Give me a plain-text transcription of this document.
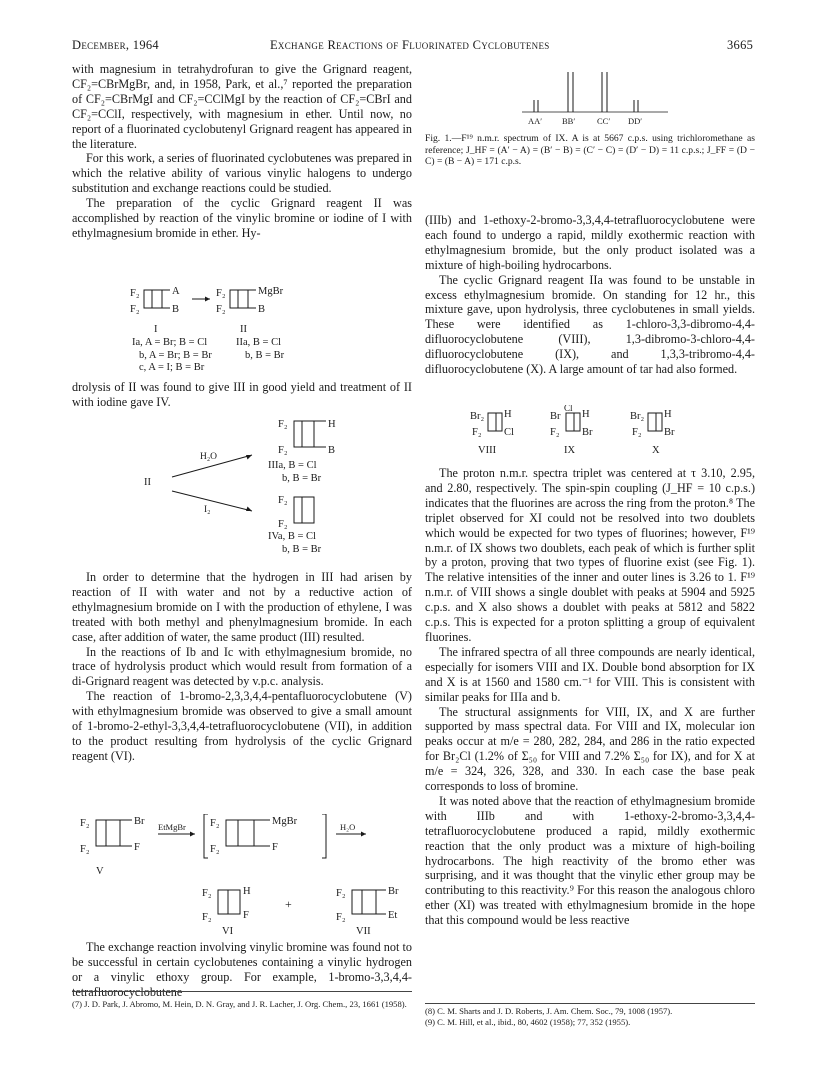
December, 1964	Exchange Reactions of Fluorinated Cyclobutenes	3665

with magnesium in tetrahydrofuran to give the Grignard reagent, CF₂=CBrMgBr, and, in 1958, Park, et al.,⁷ reported the preparation of CF₂=CBrMgI and CF₂=CClMgI by the reaction of CF₂=CBrI and CF₂=CClI, respectively, with magnesium in ether. Until now, no report of a fluorinated cyclobutenyl Grignard reagent has appeared in the literature.

For this work, a series of fluorinated cyclobutenes was prepared in which the relative ability of various vinylic halogens to undergo substitution and exchange reactions could be studied.

The preparation of the cyclic Grignard reagent II was accomplished by reaction of the vinylic bromine or iodine of I with ethylmagnesium bromide in ether. Hy-

F₂
F₂
A
B
F₂
F₂
MgBr
B
I	II
Ia, A = Br; B = Cl
b, A = Br; B = Br
c, A = I; B = Br
IIa, B = Cl
b, B = Br

drolysis of II was found to give III in good yield and treatment of II with iodine gave IV.

II
H₂O
I₂
F₂
F₂
H
B
F₂
F₂
IIIa, B = Cl
b, B = Br
IVa, B = Cl
b, B = Br

In order to determine that the hydrogen in III had arisen by reaction of II with water and not by a reductive action of ethylmagnesium bromide on I with the production of ethylene, I was treated with both methyl and phenylmagnesium bromide. In each case, after addition of water, the same product (III) resulted.

In the reactions of Ib and Ic with ethylmagnesium bromide, no trace of hydrolysis product which would result from formation of a di-Grignard reagent was detected by v.p.c. analysis.

The reaction of 1-bromo-2,3,3,4,4-pentafluorocyclobutene (V) with ethylmagnesium bromide was observed to give a small amount of 1-bromo-2-ethyl-3,3,4,4-tetrafluorocyclobutene (VII), in addition to the product resulting from hydrolysis of the cyclic Grignard reagent (VI).

F₂
F₂
Br
F
V
EtMgBr F₂
F₂
MgBr
F
H₂O
F₂
F₂
H
F
VI
+
F₂
F₂
Br
Et
VII

The exchange reaction involving vinylic bromine was found not to be successful in certain cyclobutenes containing a vinylic hydrogen or a vinylic ethoxy group. For example, 1-bromo-3,3,4,4-tetrafluorocyclobutene

(7) J. D. Park, J. Abromo, M. Hein, D. N. Gray, and J. R. Lacher, J. Org. Chem., 23, 1661 (1958).

AA′ BB′	CC′ DD′
Fig. 1.—F¹⁹ n.m.r. spectrum of IX. A is at 5667 c.p.s. using trichloromethane as reference; J_HF = (A′ − A) = (B′ − B) = (C′ − C) = (D′ − D) = 11 c.p.s.; J_FF = (D − C) = (B − A) = 171 c.p.s.

(IIIb) and 1-ethoxy-2-bromo-3,3,4,4-tetrafluorocyclobutene were each found to undergo a rapid, mildly exothermic reaction with ethylmagnesium bromide, but the only product isolated was a mixture of high-boiling hydrocarbons.

The cyclic Grignard reagent IIa was found to be unstable in excess ethylmagnesium bromide. On standing for 12 hr., this mixture gave, upon hydrolysis, three cyclobutenes in small yields. These were identified as 1-chloro-3,3-dibromo-4,4-difluorocyclobutene (VIII), 1,3-dibromo-3-chloro-4,4-difluorocyclobutene (IX), and 1,3,3-tribromo-4,4-difluorocyclobutene (X). A large amount of tar had also formed.

Br₂
F₂
H
Cl
VIII
Br
Cl
F₂
H
Br
IX
Br₂
F₂
H
Br
X

The proton n.m.r. spectra triplet was centered at τ 3.10, 2.95, and 2.80, respectively. The spin-spin coupling (J_HF = 10 c.p.s.) indicates that the fluorines are across the ring from the proton.⁸ The triplet observed for XI could not be resolved into two doublets which would be expected for two types of fluorines; however, F¹⁹ n.m.r. of IX shows two doublets, each peak of which is further split by a proton, proving that two types of fluorine exist (see Fig. 1). The relative intensities of the inner and outer lines is 3.26 to 1. F¹⁹ n.m.r. of VIII shows a single doublet with peaks at 5904 and 5925 c.p.s. and X also shows a doublet with peaks at 5812 and 5822 c.p.s. This is expected for a proton splitting a group of equivalent fluorines.

The infrared spectra of all three compounds are nearly identical, especially for isomers VIII and IX. Double bond absorption for IX and X is at 1560 and 1580 cm.⁻¹ for VIII. This is consistent with similar peaks for IIIa and b.

The structural assignments for VIII, IX, and X are further supported by mass spectral data. For VIII and IX, molecular ion peaks occur at m/e = 280, 282, 284, and 286 in the ratio expected for Br₂Cl (1.2% of Σ₅₀ for VIII and 7.2% Σ₅₀ for IX), and for X at m/e = 324, 326, 328, and 330. In each case the base peak corresponds to loss of bromine.

It was noted above that the reaction of ethylmagnesium bromide with IIIb and with 1-ethoxy-2-bromo-3,3,4,4-tetrafluorocyclobutene produced a rapid, mildly exothermic reaction that the only product was a mixture of high-boiling hydrocarbons. The high reactivity of the bromo ether was surprising, and it was thought that the vinylic ether group may be contributing to this reactivity.⁹ For this reason the analogous chloro ether (XI) was treated with ethylmagnesium bromide in the hope that this compound would be less reactive

(8) C. M. Sharts and J. D. Roberts, J. Am. Chem. Soc., 79, 1008 (1957).

(9) C. M. Hill, et al., ibid., 80, 4602 (1958); 77, 352 (1955).
